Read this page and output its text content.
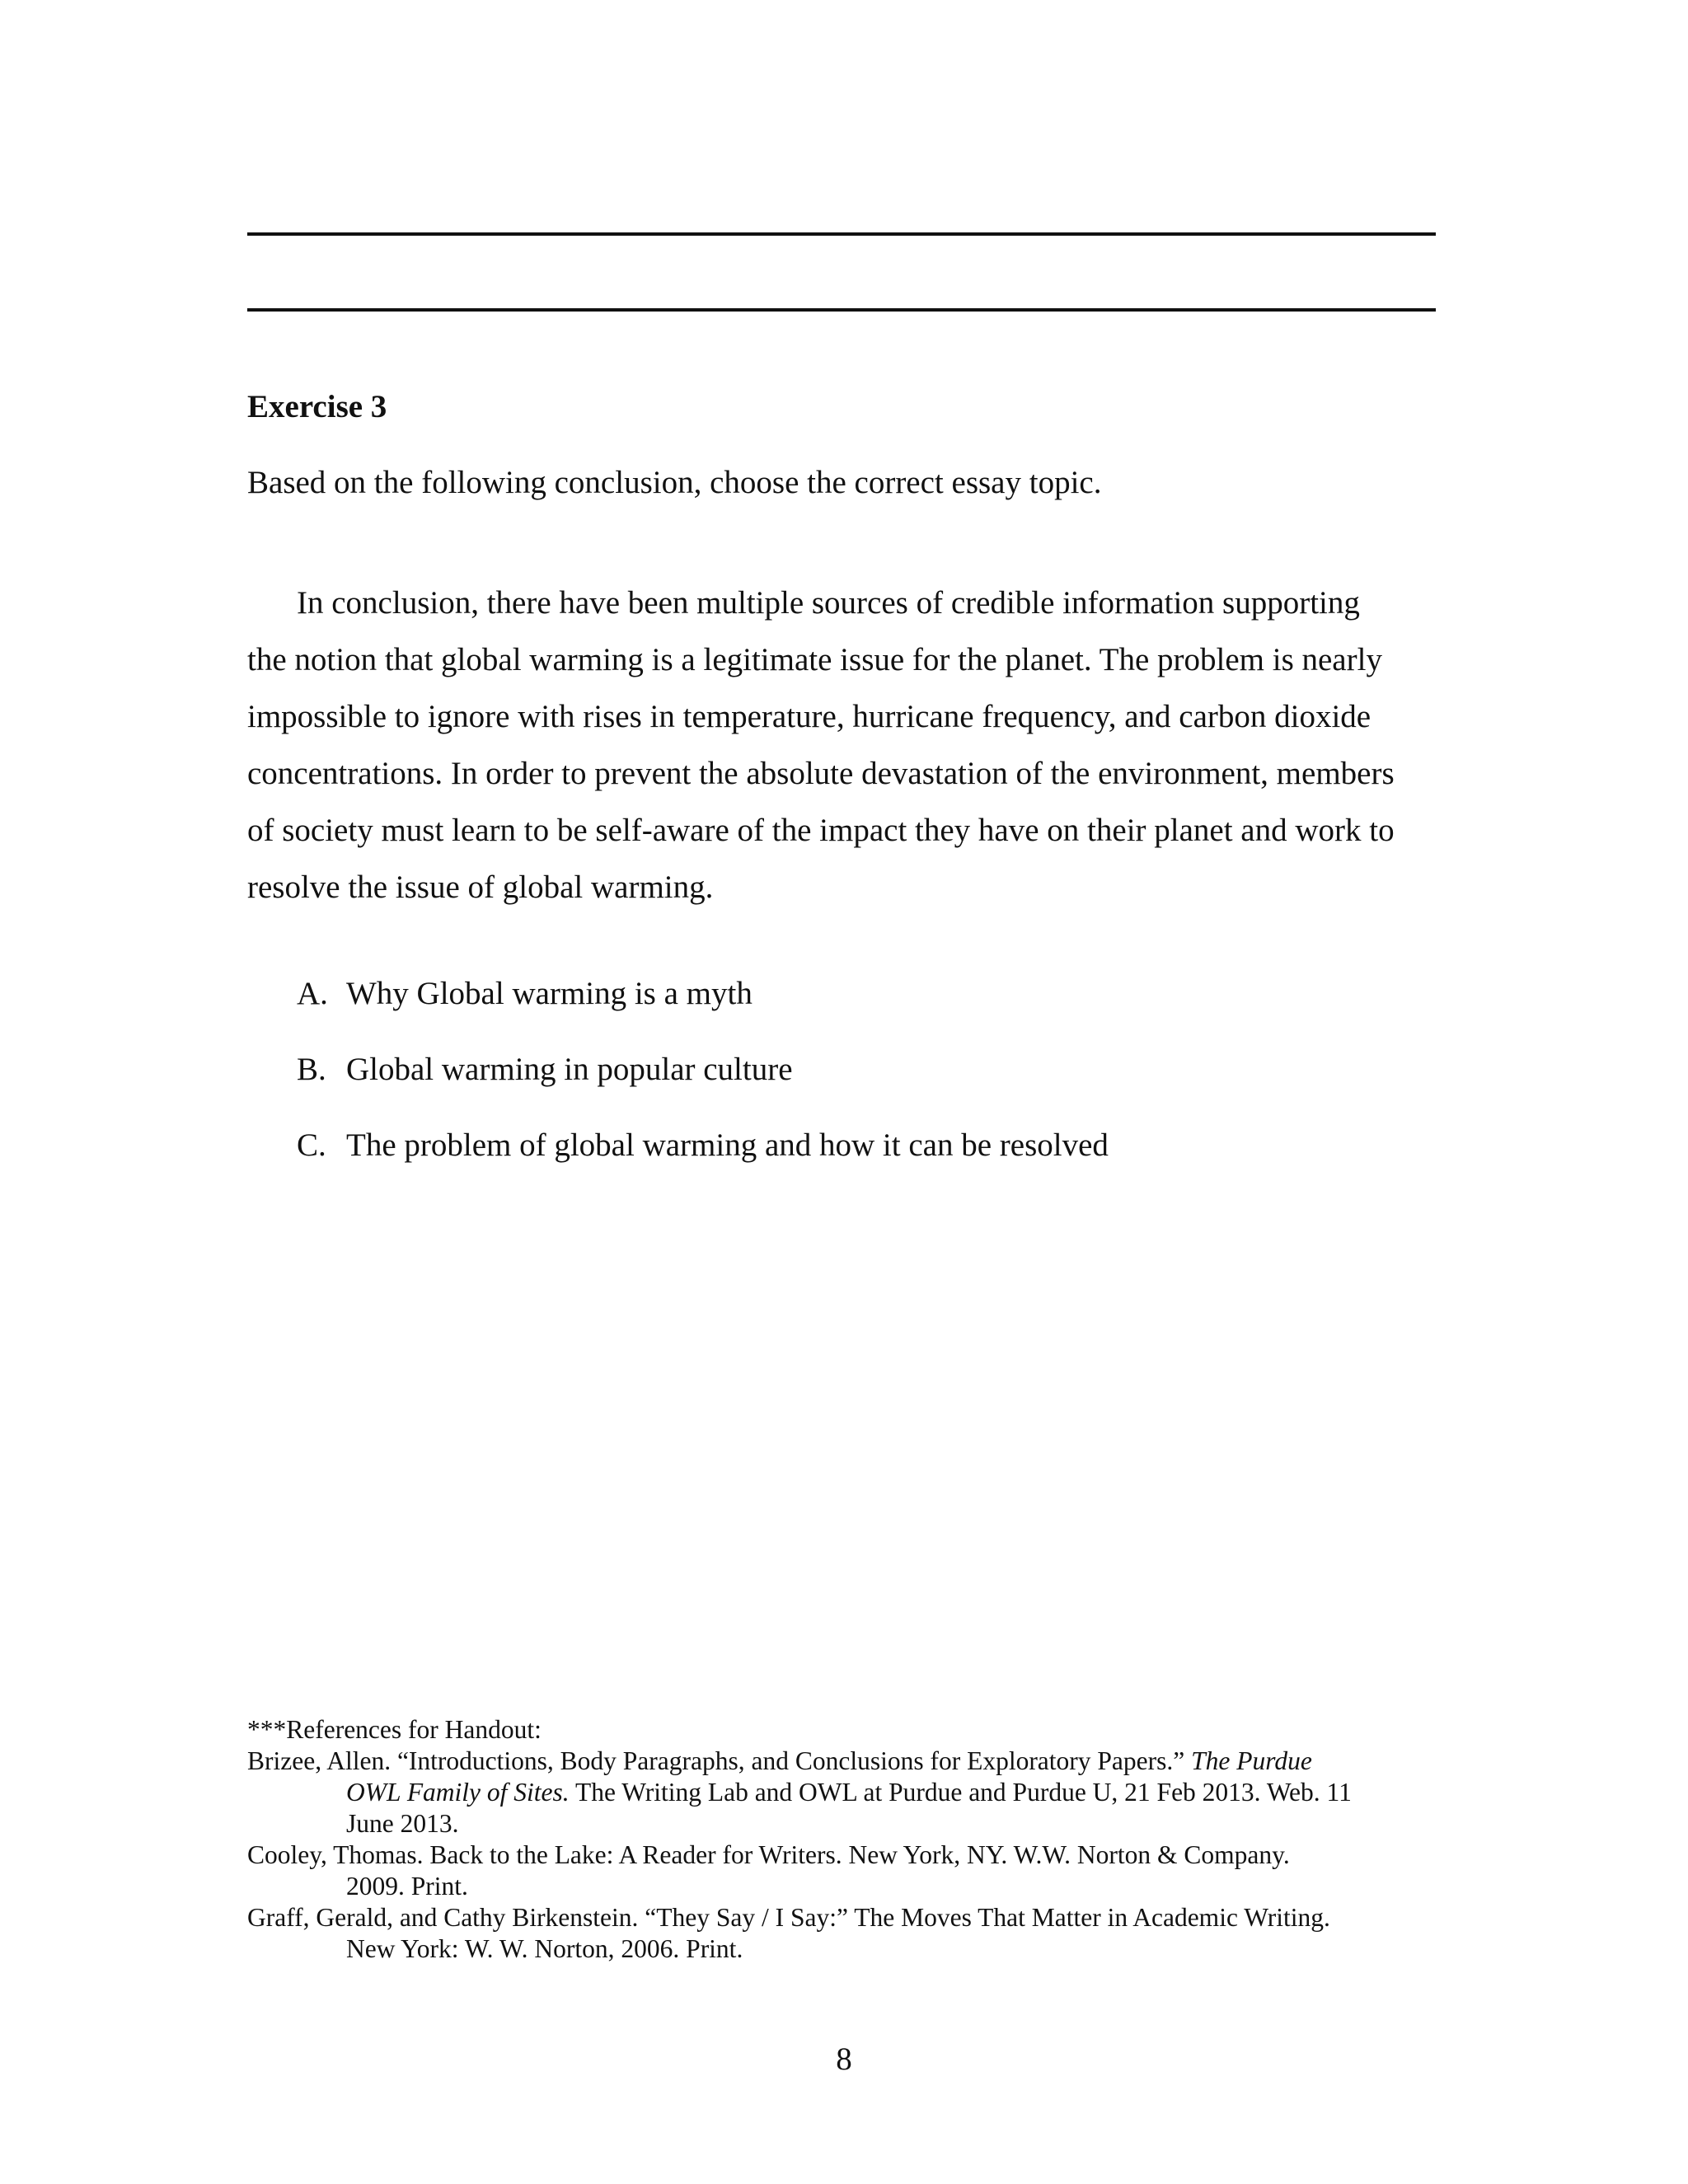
Exercise 3
Based on the following conclusion, choose the correct essay topic.
In conclusion, there have been multiple sources of credible information supporting
the notion that global warming is a legitimate issue for the planet. The problem is nearly
impossible to ignore with rises in temperature, hurricane frequency, and carbon dioxide
concentrations. In order to prevent the absolute devastation of the environment, members
of society must learn to be self-aware of the impact they have on their planet and work to
resolve the issue of global warming.
A. Why Global warming is a myth
B. Global warming in popular culture
C. The problem of global warming and how it can be resolved
***References for Handout:
Brizee, Allen. “Introductions, Body Paragraphs, and Conclusions for Exploratory Papers.” The Purdue
OWL Family of Sites. The Writing Lab and OWL at Purdue and Purdue U, 21 Feb 2013. Web. 11
June 2013.
Cooley, Thomas. Back to the Lake: A Reader for Writers. New York, NY. W.W. Norton & Company.
2009. Print.
Graff, Gerald, and Cathy Birkenstein. “They Say / I Say:” The Moves That Matter in Academic Writing.
New York: W. W. Norton, 2006. Print.
8
